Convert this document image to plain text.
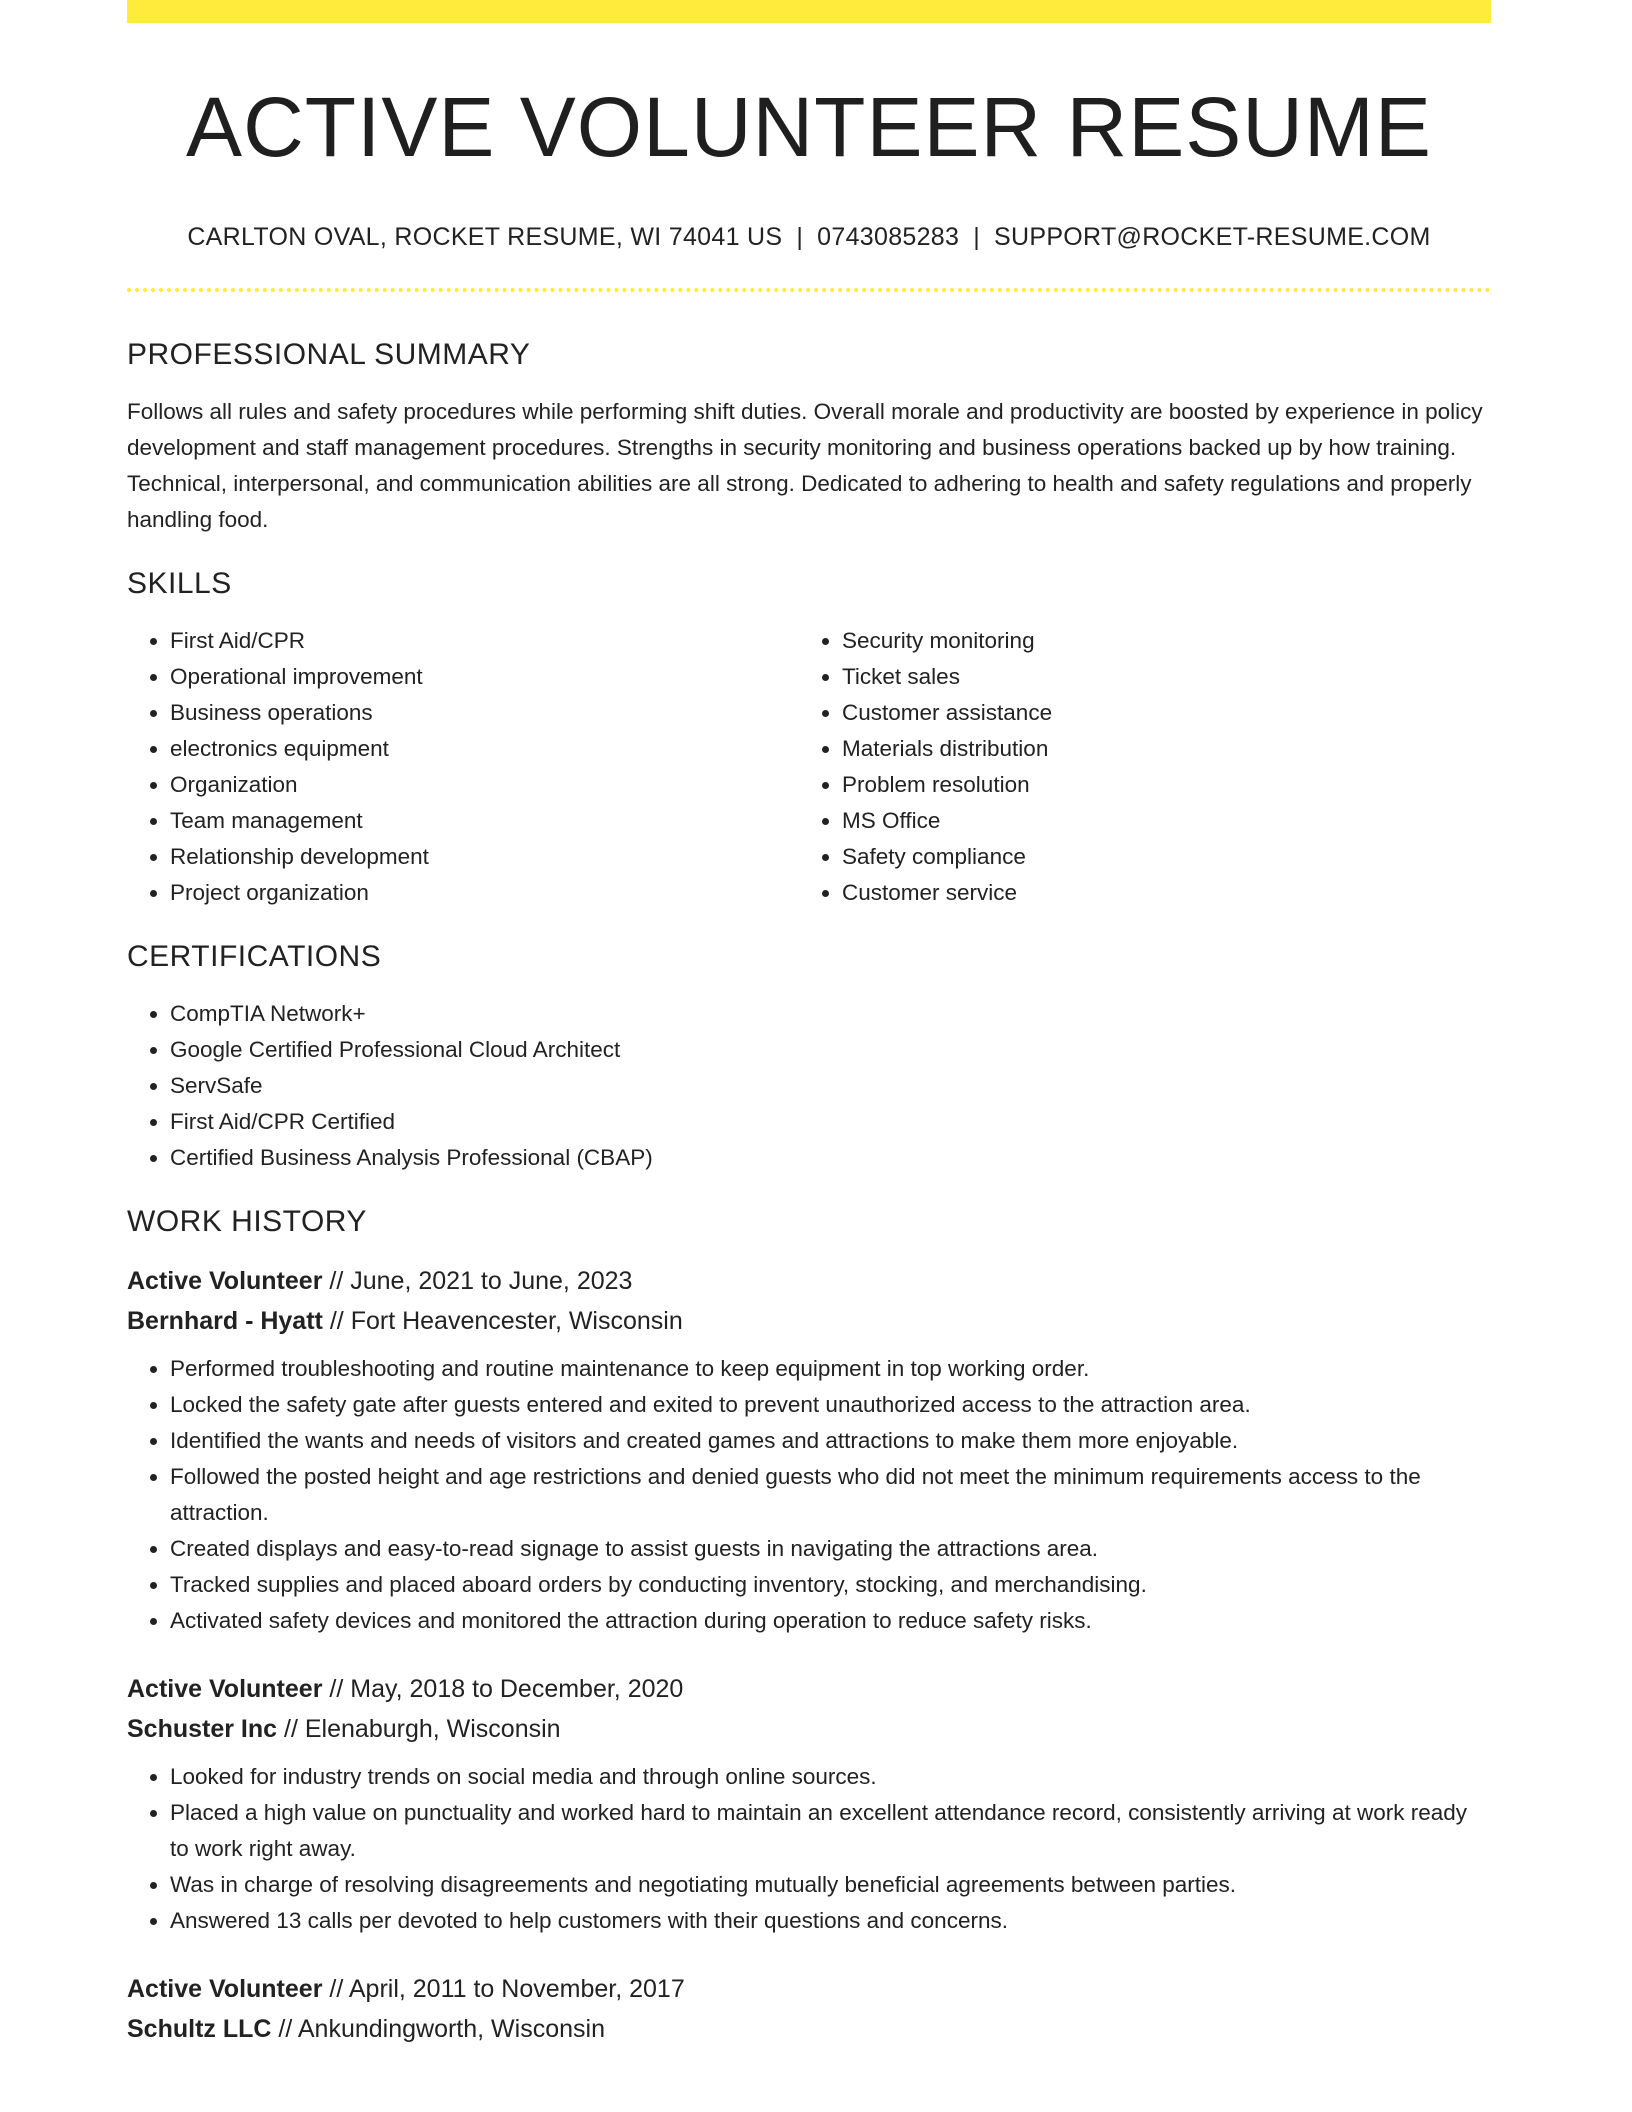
ACTIVE VOLUNTEER RESUME
CARLTON OVAL, ROCKET RESUME, WI 74041 US | 0743085283 | SUPPORT@ROCKET-RESUME.COM
PROFESSIONAL SUMMARY
Follows all rules and safety procedures while performing shift duties. Overall morale and productivity are boosted by experience in policy development and staff management procedures. Strengths in security monitoring and business operations backed up by how training. Technical, interpersonal, and communication abilities are all strong. Dedicated to adhering to health and safety regulations and properly handling food.
SKILLS
• First Aid/CPR
• Operational improvement
• Business operations
• electronics equipment
• Organization
• Team management
• Relationship development
• Project organization
• Security monitoring
• Ticket sales
• Customer assistance
• Materials distribution
• Problem resolution
• MS Office
• Safety compliance
• Customer service
CERTIFICATIONS
• CompTIA Network+
• Google Certified Professional Cloud Architect
• ServSafe
• First Aid/CPR Certified
• Certified Business Analysis Professional (CBAP)
WORK HISTORY
Active Volunteer // June, 2021 to June, 2023
Bernhard - Hyatt // Fort Heavencester, Wisconsin
• Performed troubleshooting and routine maintenance to keep equipment in top working order.
• Locked the safety gate after guests entered and exited to prevent unauthorized access to the attraction area.
• Identified the wants and needs of visitors and created games and attractions to make them more enjoyable.
• Followed the posted height and age restrictions and denied guests who did not meet the minimum requirements access to the attraction.
• Created displays and easy-to-read signage to assist guests in navigating the attractions area.
• Tracked supplies and placed aboard orders by conducting inventory, stocking, and merchandising.
• Activated safety devices and monitored the attraction during operation to reduce safety risks.
Active Volunteer // May, 2018 to December, 2020
Schuster Inc // Elenaburgh, Wisconsin
• Looked for industry trends on social media and through online sources.
• Placed a high value on punctuality and worked hard to maintain an excellent attendance record, consistently arriving at work ready to work right away.
• Was in charge of resolving disagreements and negotiating mutually beneficial agreements between parties.
• Answered 13 calls per devoted to help customers with their questions and concerns.
Active Volunteer // April, 2011 to November, 2017
Schultz LLC // Ankundingworth, Wisconsin
